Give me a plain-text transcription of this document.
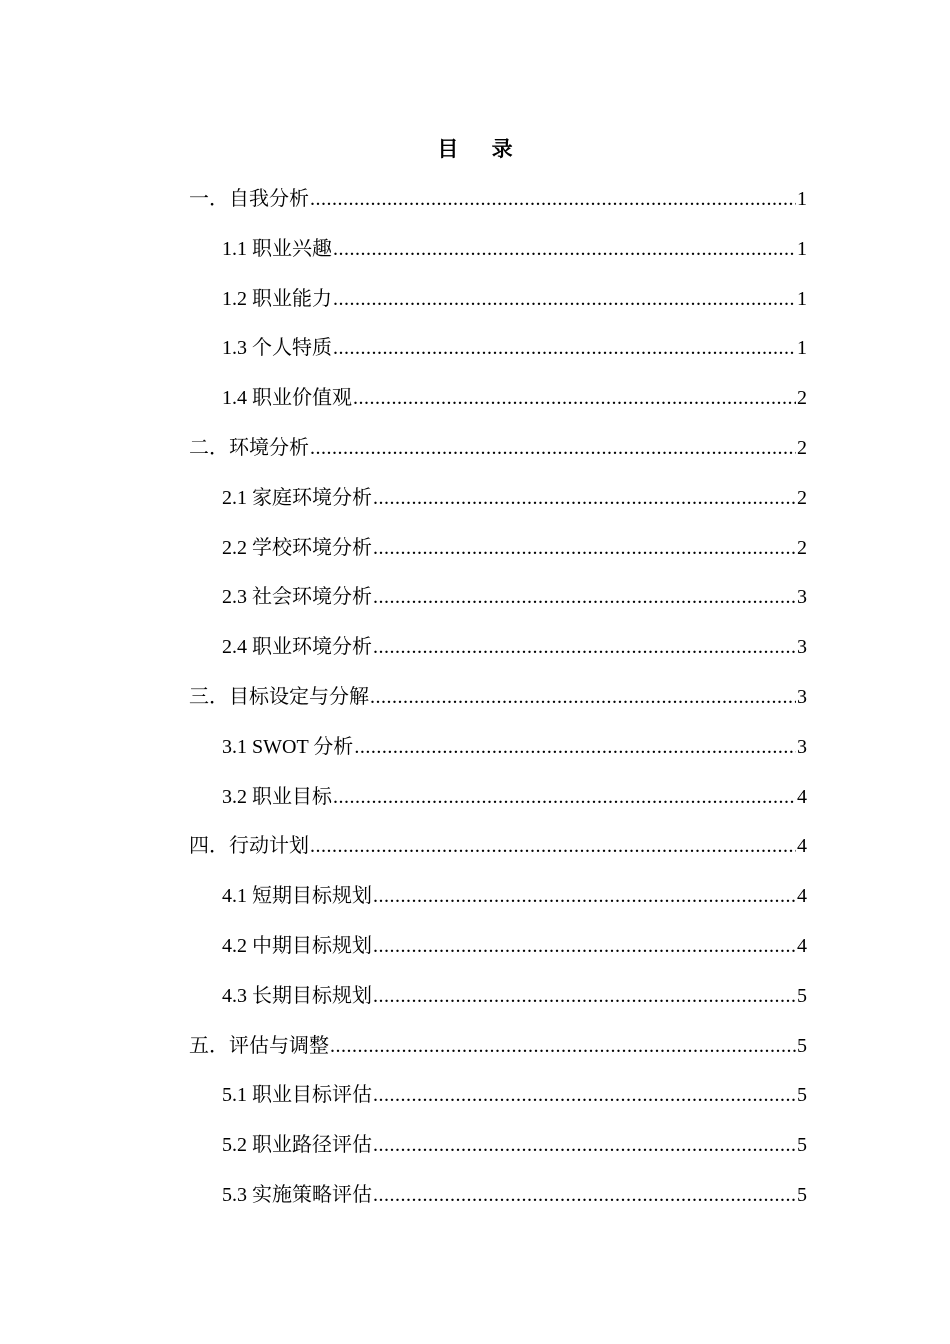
目 录
一．自我分析 .....	1
1.1 职业兴趣 .....	1
1.2 职业能力 .....	1
1.3 个人特质 .....	1
1.4 职业价值观 .....	2
二．环境分析 .....	2
2.1 家庭环境分析 .....	2
2.2 学校环境分析 .....	2
2.3 社会环境分析 .....	3
2.4 职业环境分析 .....	3
三．目标设定与分解 .....	3
3.1 SWOT 分析 .....	3
3.2 职业目标 .....	4
四．行动计划 .....	4
4.1 短期目标规划 .....	4
4.2 中期目标规划 .....	4
4.3 长期目标规划 .....	5
五．评估与调整 .....	5
5.1 职业目标评估 .....	5
5.2 职业路径评估 .....	5
5.3 实施策略评估 .....	5
